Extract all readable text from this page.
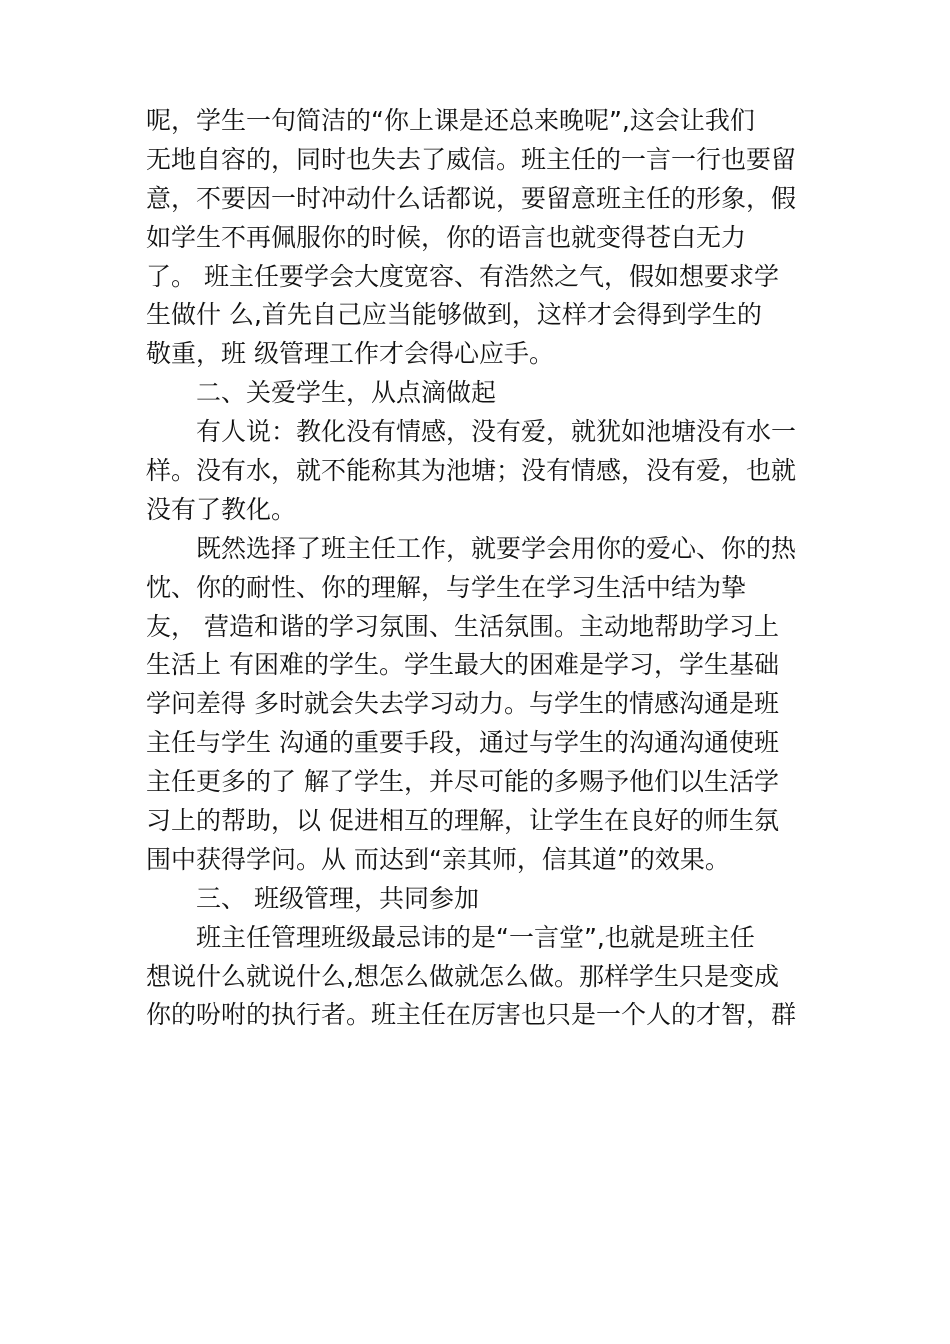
呢，学生一句简洁的“你上课是还总来晚呢”,这会让我们
无地自容的，同时也失去了威信。班主任的一言一行也要留
意，不要因一时冲动什么话都说，要留意班主任的形象，假
如学生不再佩服你的时候，你的语言也就变得苍白无力
了。 班主任要学会大度宽容、有浩然之气，假如想要求学
生做什 么,首先自己应当能够做到，这样才会得到学生的
敬重，班 级管理工作才会得心应手。
二、关爱学生，从点滴做起
有人说：教化没有情感，没有爱，就犹如池塘没有水一
样。没有水，就不能称其为池塘；没有情感，没有爱，也就
没有了教化。
既然选择了班主任工作，就要学会用你的爱心、你的热
忱、你的耐性、你的理解，与学生在学习生活中结为挚
友， 营造和谐的学习氛围、生活氛围。主动地帮助学习上
生活上 有困难的学生。学生最大的困难是学习，学生基础
学问差得 多时就会失去学习动力。与学生的情感沟通是班
主任与学生 沟通的重要手段，通过与学生的沟通沟通使班
主任更多的了 解了学生，并尽可能的多赐予他们以生活学
习上的帮助，以 促进相互的理解，让学生在良好的师生氛
围中获得学问。从 而达到“亲其师，信其道”的效果。
三、 班级管理，共同参加
班主任管理班级最忌讳的是“一言堂”,也就是班主任
想说什么就说什么,想怎么做就怎么做。那样学生只是变成
你的吩咐的执行者。班主任在厉害也只是一个人的才智，群
